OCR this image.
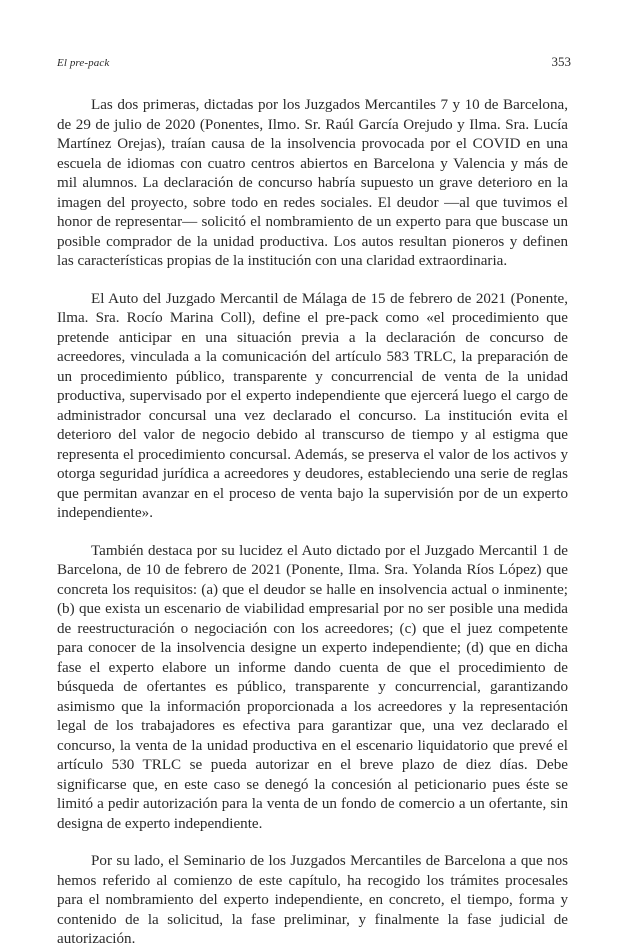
El pre-pack	353

Las dos primeras, dictadas por los Juzgados Mercantiles 7 y 10 de Barcelona, de 29 de julio de 2020 (Ponentes, Ilmo. Sr. Raúl García Orejudo y Ilma. Sra. Lucía Martínez Orejas), traían causa de la insolvencia provocada por el COVID en una escuela de idiomas con cuatro centros abiertos en Barcelona y Valencia y más de mil alumnos. La declaración de concurso habría supuesto un grave deterioro en la imagen del proyecto, sobre todo en redes sociales. El deudor —al que tuvimos el honor de representar— solicitó el nombramiento de un experto para que buscase un posible comprador de la unidad productiva. Los autos resultan pioneros y definen las características propias de la institución con una claridad extraordinaria.

El Auto del Juzgado Mercantil de Málaga de 15 de febrero de 2021 (Ponente, Ilma. Sra. Rocío Marina Coll), define el pre-pack como «el procedimiento que pretende anticipar en una situación previa a la declaración de concurso de acreedores, vinculada a la comunicación del artículo 583 TRLC, la preparación de un procedimiento público, transparente y concurrencial de venta de la unidad productiva, supervisado por el experto independiente que ejercerá luego el cargo de administrador concursal una vez declarado el concurso. La institución evita el deterioro del valor de negocio debido al transcurso de tiempo y al estigma que representa el procedimiento concursal. Además, se preserva el valor de los activos y otorga seguridad jurídica a acreedores y deudores, estableciendo una serie de reglas que permitan avanzar en el proceso de venta bajo la supervisión por de un experto independiente».

También destaca por su lucidez el Auto dictado por el Juzgado Mercantil 1 de Barcelona, de 10 de febrero de 2021 (Ponente, Ilma. Sra. Yolanda Ríos López) que concreta los requisitos: (a) que el deudor se halle en insolvencia actual o inminente; (b) que exista un escenario de viabilidad empresarial por no ser posible una medida de reestructuración o negociación con los acreedores; (c) que el juez competente para conocer de la insolvencia designe un experto independiente; (d) que en dicha fase el experto elabore un informe dando cuenta de que el procedimiento de búsqueda de ofertantes es público, transparente y concurrencial, garantizando asimismo que la información proporcionada a los acreedores y la representación legal de los trabajadores es efectiva para garantizar que, una vez declarado el concurso, la venta de la unidad productiva en el escenario liquidatorio que prevé el artículo 530 TRLC se pueda autorizar en el breve plazo de diez días. Debe significarse que, en este caso se denegó la concesión al peticionario pues éste se limitó a pedir autorización para la venta de un fondo de comercio a un ofertante, sin designa de experto independiente.

Por su lado, el Seminario de los Juzgados Mercantiles de Barcelona a que nos hemos referido al comienzo de este capítulo, ha recogido los trámites procesales para el nombramiento del experto independiente, en concreto, el tiempo, forma y contenido de la solicitud, la fase preliminar, y finalmente la fase judicial de autorización.
